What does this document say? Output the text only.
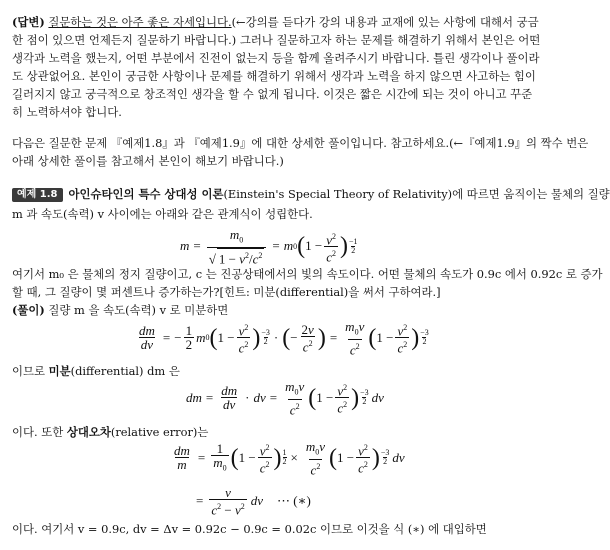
(답변) 질문하는 것은 아주 좋은 자세입니다.(←강의를 듣다가 강의 내용과 교재에 있는 사항에 대해서 궁금
한 점이 있으면 언제든지 질문하기 바랍니다.) 그러나 질문하고자 하는 문제를 해결하기 위해서 본인은 어떤
생각과 노력을 했는지, 어떤 부분에서 진전이 없는지 등을 함께 올려주시기 바랍니다. 틀린 생각이나 풀이라
도 상관없어요. 본인이 궁금한 사항이나 문제를 해결하기 위해서 생각과 노력을 하지 않으면 사고하는 힘이
길러지지 않고 궁극적으로 창조적인 생각을 할 수 없게 됩니다. 이것은 짧은 시간에 되는 것이 아니고 꾸준
히 노력하셔야 합니다.
다음은 질문한 문제 『예제1.8』과 『예제1.9』에 대한 상세한 풀이입니다. 참고하세요.(←『예제1.9』의 짝수 번은
아래 상세한 풀이를 참고해서 본인이 해보기 바랍니다.)
예제 1.8 아인슈타인의 특수 상대성 이론(Einstein's Special Theory of Relativity)에 따르면 움직이는 물체의 질량
m 과 속도(속력) v 사이에는 아래와 같은 관계식이 성립한다.
$m = \frac{m_0}{√ 1 - v^2/c^2} = m$ 0 ( $1 - \frac{v^2}{c^2}$ ) −1
2
여기서 m₀ 은 물체의 정지 질량이고, c 는 진공상태에서의 빛의 속도이다. 어떤 물체의 속도가 0.9c 에서 0.92c 로 증가
할 때, 그 질량이 몇 퍼센트나 증가하는가?[힌트: 미분(differential)을 써서 구하여라.]
(풀이) 질량 m 을 속도(속력) v 로 미분하면
$\frac{dm}{dv}$ = − $\frac{1}{2}$ m 0 ( $1 - \frac{v^2}{c^2}$ ) −3
2 · ( − $\frac{2v}{c^2}$ ) = $\frac{m_0v}{c^2}$ ( $1 - \frac{v^2}{c^2}$ ) −3
2
이므로 미분(differential) dm 은
dm = $\frac{dm}{dv}$ · dv = $\frac{m_0v}{c^2}$ ( $1 - \frac{v^2}{c^2}$ ) −3
2 dv
이다. 또한 상대오차(relative error)는
$\frac{dm}{m} = \frac{1}{m_0}$ ( $1 - \frac{v^2}{c^2}$ ) $\frac{1}{2} \times \frac{m_0v}{c^2}$ ( $1 - \frac{v^2}{c^2}$ ) −3
2 dv
= $\frac{v}{c^2 - v^2}$ dv ⋯ (∗)
이다. 여기서 v = 0.9c, dv = Δv = 0.92c − 0.9c = 0.02c 이므로 이것을 식 (∗) 에 대입하면
